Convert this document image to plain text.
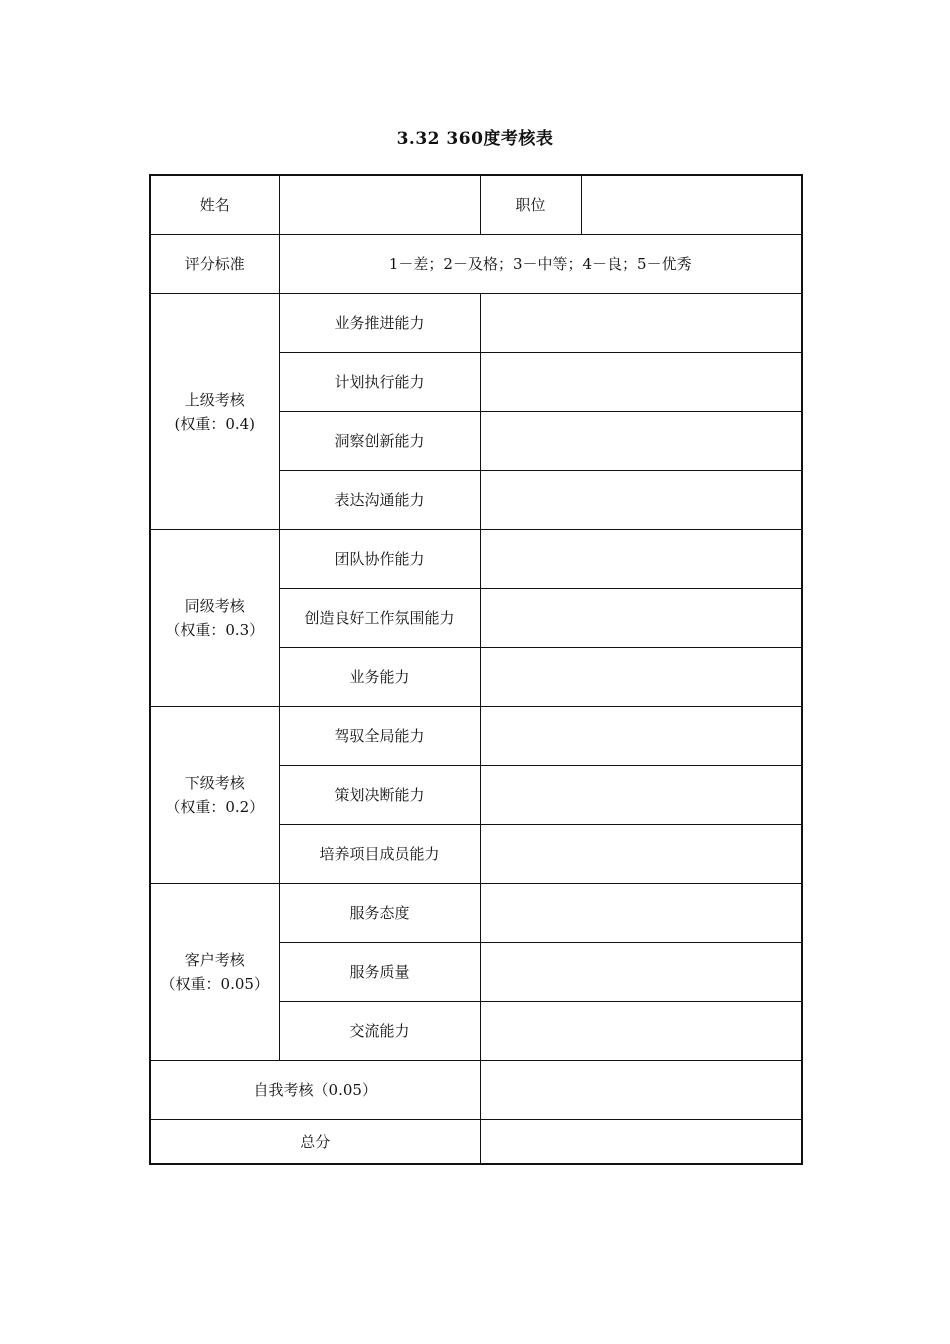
3.32 360度考核表
姓名		职位	
评分标准	1－差；2－及格；3－中等；4－良；5－优秀		

上级考核
(权重：0.4)	业务推进能力		
	计划执行能力		
	洞察创新能力		
	表达沟通能力		

同级考核
（权重：0.3）	团队协作能力		
	创造良好工作氛围能力		
	业务能力		

下级考核
（权重：0.2）	驾驭全局能力		
	策划决断能力		
	培养项目成员能力		

客户考核
（权重：0.05）	服务态度		
	服务质量		
	交流能力		
自我考核（0.05）			
总分			
